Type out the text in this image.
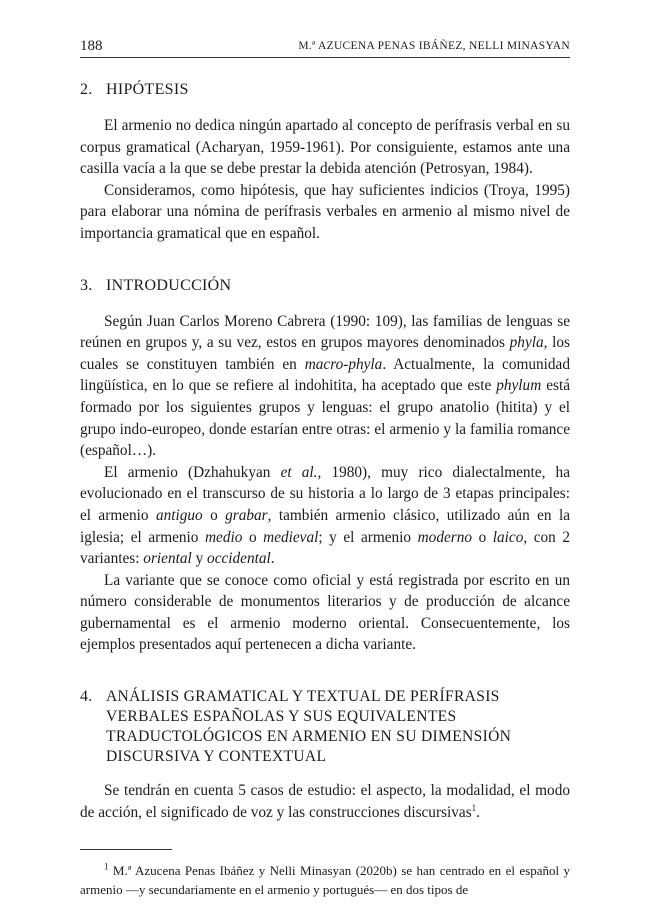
188	M.ª AZUCENA PENAS IBÁÑEZ, NELLI MINASYAN
2. HIPÓTESIS

El armenio no dedica ningún apartado al concepto de perífrasis verbal en su corpus gramatical (Acharyan, 1959-1961). Por consiguiente, estamos ante una casilla vacía a la que se debe prestar la debida atención (Petrosyan, 1984).

Consideramos, como hipótesis, que hay suficientes indicios (Troya, 1995) para elaborar una nómina de perífrasis verbales en armenio al mismo nivel de importancia gramatical que en español.

3. INTRODUCCIÓN

Según Juan Carlos Moreno Cabrera (1990: 109), las familias de lenguas se reúnen en grupos y, a su vez, estos en grupos mayores denominados phyla, los cuales se constituyen también en macro-phyla. Actualmente, la comunidad lingüística, en lo que se refiere al indohitita, ha aceptado que este phylum está formado por los siguientes grupos y lenguas: el grupo anatolio (hitita) y el grupo indo-europeo, donde estarían entre otras: el armenio y la familia romance (español…).

El armenio (Dzhahukyan et al., 1980), muy rico dialectalmente, ha evolucionado en el transcurso de su historia a lo largo de 3 etapas principales: el armenio antiguo o grabar, también armenio clásico, utilizado aún en la iglesia; el armenio medio o medieval; y el armenio moderno o laico, con 2 variantes: oriental y occidental.

La variante que se conoce como oficial y está registrada por escrito en un número considerable de monumentos literarios y de producción de alcance gubernamental es el armenio moderno oriental. Consecuentemente, los ejemplos presentados aquí pertenecen a dicha variante.

4. ANÁLISIS GRAMATICAL Y TEXTUAL DE PERÍFRASIS VERBALES ESPAÑOLAS Y SUS EQUIVALENTES TRADUCTOLÓGICOS EN ARMENIO EN SU DIMENSIÓN DISCURSIVA Y CONTEXTUAL

Se tendrán en cuenta 5 casos de estudio: el aspecto, la modalidad, el modo de acción, el significado de voz y las construcciones discursivas$^1$.

$^1$ M.ª Azucena Penas Ibáñez y Nelli Minasyan (2020b) se han centrado en el español y armenio —y secundariamente en el armenio y portugués— en dos tipos de
